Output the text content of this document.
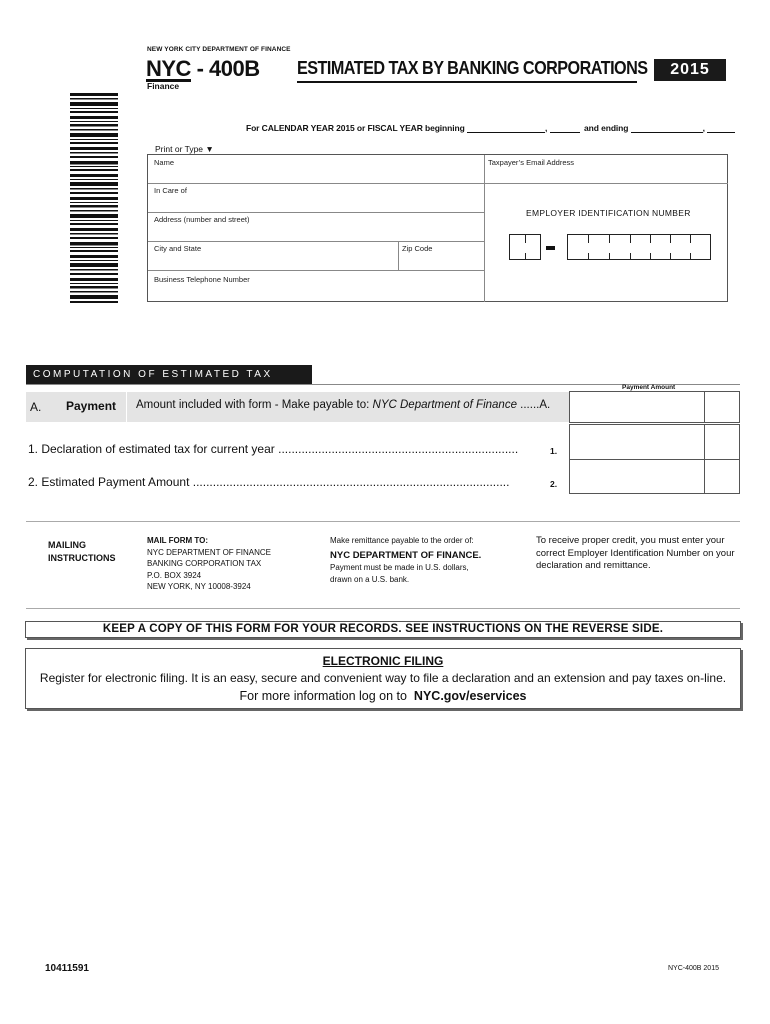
NEW YORK CITY DEPARTMENT OF FINANCE
NYC - 400B
Finance
ESTIMATED TAX BY BANKING CORPORATIONS	2015
For CALENDAR YEAR 2015 or FISCAL YEAR beginning	,	and ending	,
Print or Type ▼
Name	Taxpayer’s Email Address
In Care of
Address (number and street)
City and State	Zip Code
Business Telephone Number
EMPLOYER IDENTIFICATION NUMBER
COMPUTATION OF ESTIMATED TAX
Payment Amount
A. Payment Amount included with form - Make payable to: NYC Department of Finance ......A.
1. Declaration of estimated tax for current year ........................................................................	1.
2. Estimated Payment Amount ...............................................................................................	2.
MAILING
INSTRUCTIONS
MAIL FORM TO:
NYC DEPARTMENT OF FINANCE
BANKING CORPORATION TAX
P.O. BOX 3924
NEW YORK, NY 10008-3924
Make remittance payable to the order of:
NYC DEPARTMENT OF FINANCE.
Payment must be made in U.S. dollars,
drawn on a U.S. bank.
To receive proper credit, you must enter your correct Employer Identification Number on your declaration and remittance.
KEEP A COPY OF THIS FORM FOR YOUR RECORDS. SEE INSTRUCTIONS ON THE REVERSE SIDE.
ELECTRONIC FILING
Register for electronic filing. It is an easy, secure and convenient way to file a declaration and an extension and pay taxes on-line.
For more information log on to NYC.gov/eservices
10411591	NYC-400B 2015
